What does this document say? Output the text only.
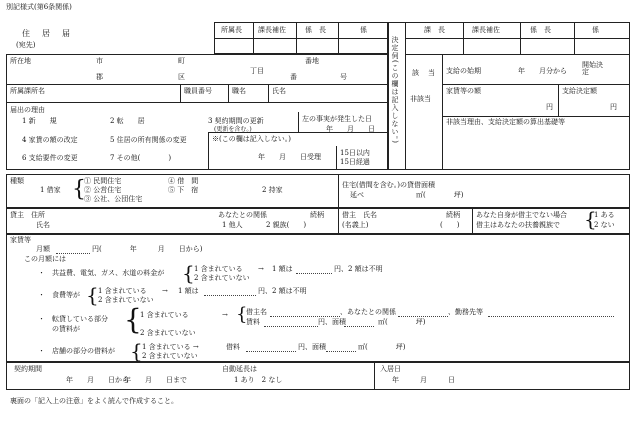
別記様式(第6条関係)
住　居　届
(宛先)
所属長 課長補佐	係　長	係
決定伺(この欄は記入しない。)
課　長	課長補佐	係　長	係
所在地	市	町	番地
丁目
郡	区	番	号
所属課所名	職員番号	職名	氏名
届出の理由
1 新　　規	2 転　　居	3 契約期間の更新
(更新を含む。)
4 家賃の額の改定	5 住居の所有関係の変更
6 支給要件の変更	7 その他(　　　　)
左の事実が発生した日
年　　月　　日
※(この欄は記入しない。)
年　　月　　日受理	15日以内
15日経過
該　当
非該当
支給の始期	年　　月分から
開始決定
家賃等の額
円
支給決定額
円
非該当理由、支給決定額の算出基礎等
種類
1 借家 {
① 民間住宅
② 公営住宅
③ 公社、公団住宅
④ 借　間
⑤ 下　宿	2 持家
住宅(借間を含む。)の貸借面積
延べ	㎡(　　　　坪)
貸主　住所
氏名
あなたとの関係	続柄
1 他人	2 親族(　　)
借主　氏名
(名義上)
続柄
(　　)
あなた自身が借主でない場合
借主はあなたの扶養親族で {
1 ある
2 ない
家賃等
月額	円(　　　　年　　　月　　日から)
この月額には
・ 共益費、電気、ガス、水道の料金が { 1 含まれている → 1 額は	円、2 額は不明
2 含まれていない
・ 食費等が { 1 含まれている → 1 額は	円、2 額は不明
2 含まれていない
・ 転貸している部分の賃料が	{
1 含まれている	→ {
借主名	、あなたとの関係	、勤務先等
賃料	円、面積	㎡(　　　　坪)
2 含まれていない
・ 店舗の部分の借料が { 1 含まれている →	借料	円、面積	㎡(　　　　坪)
2 含まれていない
契約期間
年　　月　　日から
年　　月　　日まで
自動延長は
1 あり　2 なし
入居日
年　　　月　　　日
裏面の「記入上の注意」をよく読んで作成すること。
